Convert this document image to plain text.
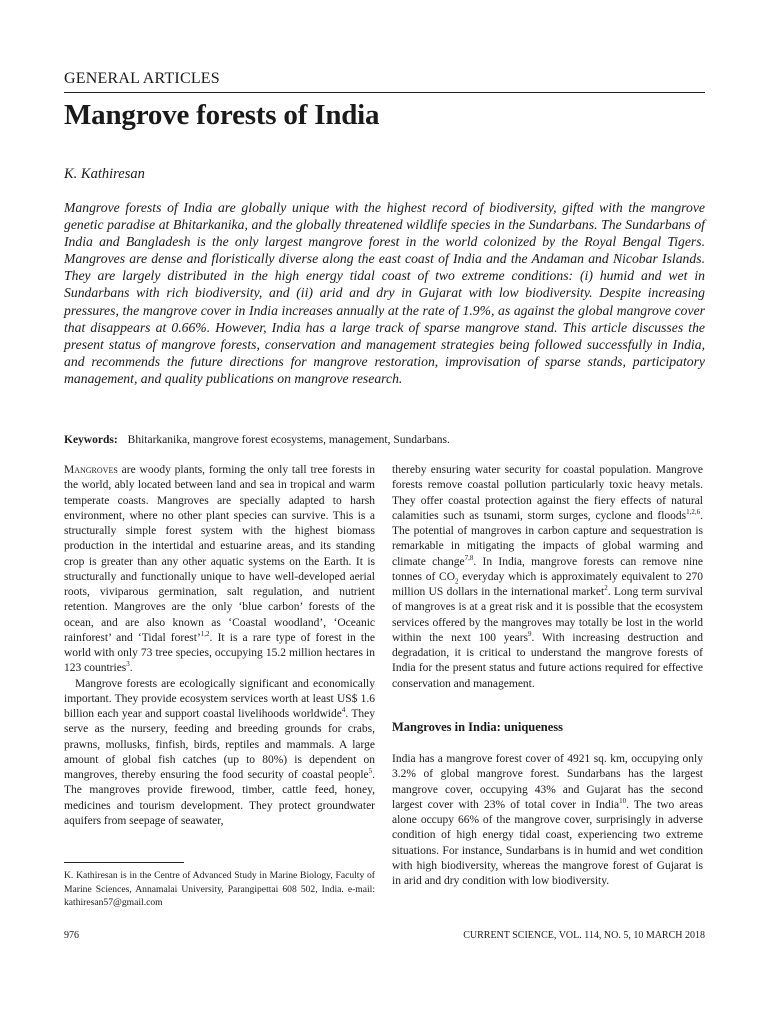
GENERAL ARTICLES
Mangrove forests of India
K. Kathiresan

Mangrove forests of India are globally unique with the highest record of biodiversity, gifted with the mangrove genetic paradise at Bhitarkanika, and the globally threatened wildlife species in the Sundarbans. The Sundarbans of India and Bangladesh is the only largest mangrove forest in the world colonized by the Royal Bengal Tigers. Mangroves are dense and floristically diverse along the east coast of India and the Andaman and Nicobar Islands. They are largely distributed in the high energy tidal coast of two extreme conditions: (i) humid and wet in Sundarbans with rich biodiversity, and (ii) arid and dry in Gujarat with low biodiversity. Despite increasing pressures, the mangrove cover in India increases annually at the rate of 1.9%, as against the global mangrove cover that disappears at 0.66%. However, India has a large track of sparse mangrove stand. This article discusses the present status of mangrove forests, conservation and management strategies being followed successfully in India, and recommends the future directions for mangrove restoration, improvisation of sparse stands, participatory management, and quality publications on mangrove research.

Keywords: Bhitarkanika, mangrove forest ecosystems, management, Sundarbans.

Mangroves are woody plants, forming the only tall tree forests in the world, ably located between land and sea in tropical and warm temperate coasts. Mangroves are specially adapted to harsh environment, where no other plant species can survive. This is a structurally simple forest system with the highest biomass production in the intertidal and estuarine areas, and its standing crop is greater than any other aquatic systems on the Earth. It is structurally and functionally unique to have well-developed aerial roots, viviparous germination, salt regulation, and nutrient retention. Mangroves are the only ‘blue carbon’ forests of the ocean, and are also known as ‘Coastal woodland’, ‘Oceanic rainforest’ and ‘Tidal forest’$^{1,2}$. It is a rare type of forest in the world with only 73 tree species, occupying 15.2 million hectares in 123 countries$^3$.

Mangrove forests are ecologically significant and economically important. They provide ecosystem services worth at least US$ 1.6 billion each year and support coastal livelihoods worldwide$^4$. They serve as the nursery, feeding and breeding grounds for crabs, prawns, mollusks, finfish, birds, reptiles and mammals. A large amount of global fish catches (up to 80%) is dependent on mangroves, thereby ensuring the food security of coastal people$^5$. The mangroves provide firewood, timber, cattle feed, honey, medicines and tourism development. They protect groundwater aquifers from seepage of seawater,

thereby ensuring water security for coastal population. Mangrove forests remove coastal pollution particularly toxic heavy metals. They offer coastal protection against the fiery effects of natural calamities such as tsunami, storm surges, cyclone and floods$^{1,2,6}$. The potential of mangroves in carbon capture and sequestration is remarkable in mitigating the impacts of global warming and climate change$^{7,8}$. In India, mangrove forests can remove nine tonnes of $CO_2$ everyday which is approximately equivalent to 270 million US dollars in the international market$^2$. Long term survival of mangroves is at a great risk and it is possible that the ecosystem services offered by the mangroves may totally be lost in the world within the next 100 years$^9$. With increasing destruction and degradation, it is critical to understand the mangrove forests of India for the present status and future actions required for effective conservation and management.

Mangroves in India: uniqueness

India has a mangrove forest cover of 4921 sq. km, occupying only 3.2% of global mangrove forest. Sundarbans has the largest mangrove cover, occupying 43% and Gujarat has the second largest cover with 23% of total cover in India$^{10}$. The two areas alone occupy 66% of the mangrove cover, surprisingly in adverse condition of high energy tidal coast, experiencing two extreme situations. For instance, Sundarbans is in humid and wet condition with high biodiversity, whereas the mangrove forest of Gujarat is in arid and dry condition with low biodiversity.

K. Kathiresan is in the Centre of Advanced Study in Marine Biology, Faculty of Marine Sciences, Annamalai University, Parangipettai 608 502, India. e-mail: kathiresan57@gmail.com

976	CURRENT SCIENCE, VOL. 114, NO. 5, 10 MARCH 2018
